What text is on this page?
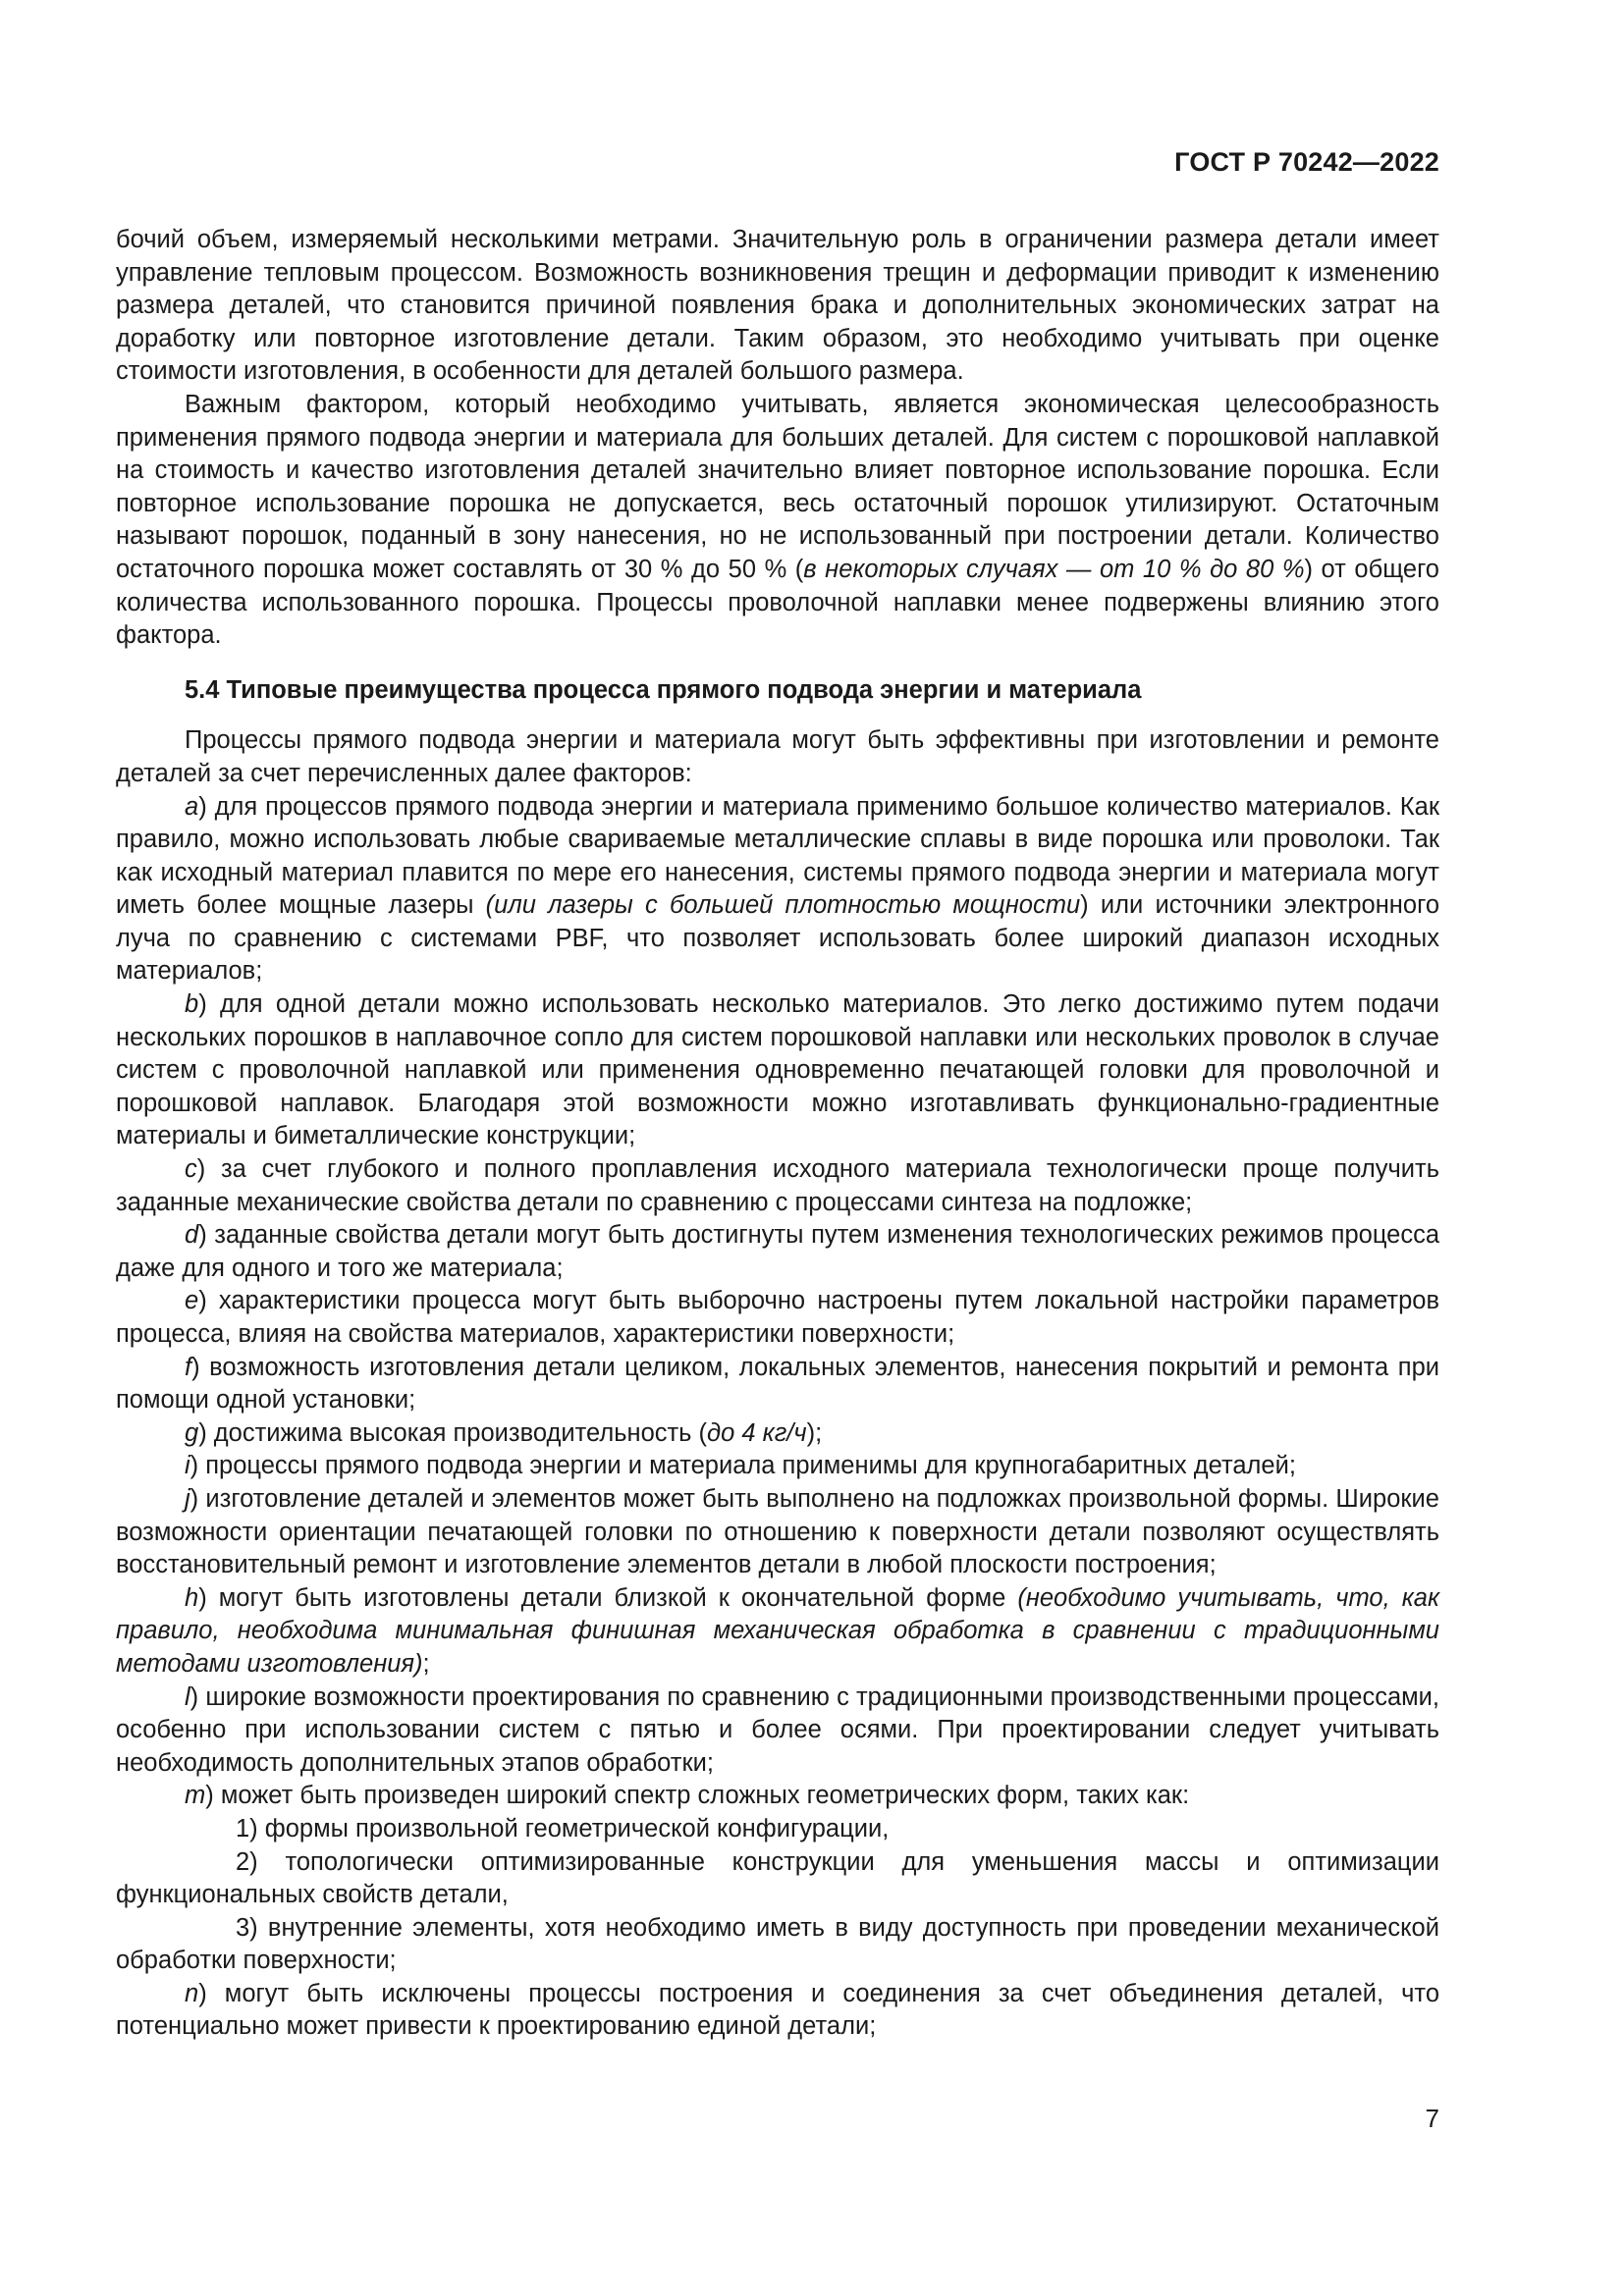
ГОСТ Р 70242—2022

бочий объем, измеряемый несколькими метрами. Значительную роль в ограничении размера детали имеет управление тепловым процессом. Возможность возникновения трещин и деформации приводит к изменению размера деталей, что становится причиной появления брака и дополнительных экономических затрат на доработку или повторное изготовление детали. Таким образом, это необходимо учитывать при оценке стоимости изготовления, в особенности для деталей большого размера.

Важным фактором, который необходимо учитывать, является экономическая целесообразность применения прямого подвода энергии и материала для больших деталей. Для систем с порошковой наплавкой на стоимость и качество изготовления деталей значительно влияет повторное использование порошка. Если повторное использование порошка не допускается, весь остаточный порошок утилизируют. Остаточным называют порошок, поданный в зону нанесения, но не использованный при построении детали. Количество остаточного порошка может составлять от 30 % до 50 % (в некоторых случаях — от 10 % до 80 %) от общего количества использованного порошка. Процессы проволочной наплавки менее подвержены влиянию этого фактора.

5.4 Типовые преимущества процесса прямого подвода энергии и материала

Процессы прямого подвода энергии и материала могут быть эффективны при изготовлении и ремонте деталей за счет перечисленных далее факторов:

а) для процессов прямого подвода энергии и материала применимо большое количество материалов. Как правило, можно использовать любые свариваемые металлические сплавы в виде порошка или проволоки. Так как исходный материал плавится по мере его нанесения, системы прямого подвода энергии и материала могут иметь более мощные лазеры (или лазеры с большей плотностью мощности) или источники электронного луча по сравнению с системами PBF, что позволяет использовать более широкий диапазон исходных материалов;

b) для одной детали можно использовать несколько материалов. Это легко достижимо путем подачи нескольких порошков в наплавочное сопло для систем порошковой наплавки или нескольких проволок в случае систем с проволочной наплавкой или применения одновременно печатающей головки для проволочной и порошковой наплавок. Благодаря этой возможности можно изготавливать функционально-градиентные материалы и биметаллические конструкции;

с) за счет глубокого и полного проплавления исходного материала технологически проще получить заданные механические свойства детали по сравнению с процессами синтеза на подложке;

d) заданные свойства детали могут быть достигнуты путем изменения технологических режимов процесса даже для одного и того же материала;

е) характеристики процесса могут быть выборочно настроены путем локальной настройки параметров процесса, влияя на свойства материалов, характеристики поверхности;

f) возможность изготовления детали целиком, локальных элементов, нанесения покрытий и ремонта при помощи одной установки;

g) достижима высокая производительность (до 4 кг/ч);

i) процессы прямого подвода энергии и материала применимы для крупногабаритных деталей;

j) изготовление деталей и элементов может быть выполнено на подложках произвольной формы. Широкие возможности ориентации печатающей головки по отношению к поверхности детали позволяют осуществлять восстановительный ремонт и изготовление элементов детали в любой плоскости построения;

h) могут быть изготовлены детали близкой к окончательной форме (необходимо учитывать, что, как правило, необходима минимальная финишная механическая обработка в сравнении с традиционными методами изготовления);

l) широкие возможности проектирования по сравнению с традиционными производственными процессами, особенно при использовании систем с пятью и более осями. При проектировании следует учитывать необходимость дополнительных этапов обработки;

m) может быть произведен широкий спектр сложных геометрических форм, таких как:

1) формы произвольной геометрической конфигурации,

2) топологически оптимизированные конструкции для уменьшения массы и оптимизации функциональных свойств детали,

3) внутренние элементы, хотя необходимо иметь в виду доступность при проведении механической обработки поверхности;

n) могут быть исключены процессы построения и соединения за счет объединения деталей, что потенциально может привести к проектированию единой детали;

7
